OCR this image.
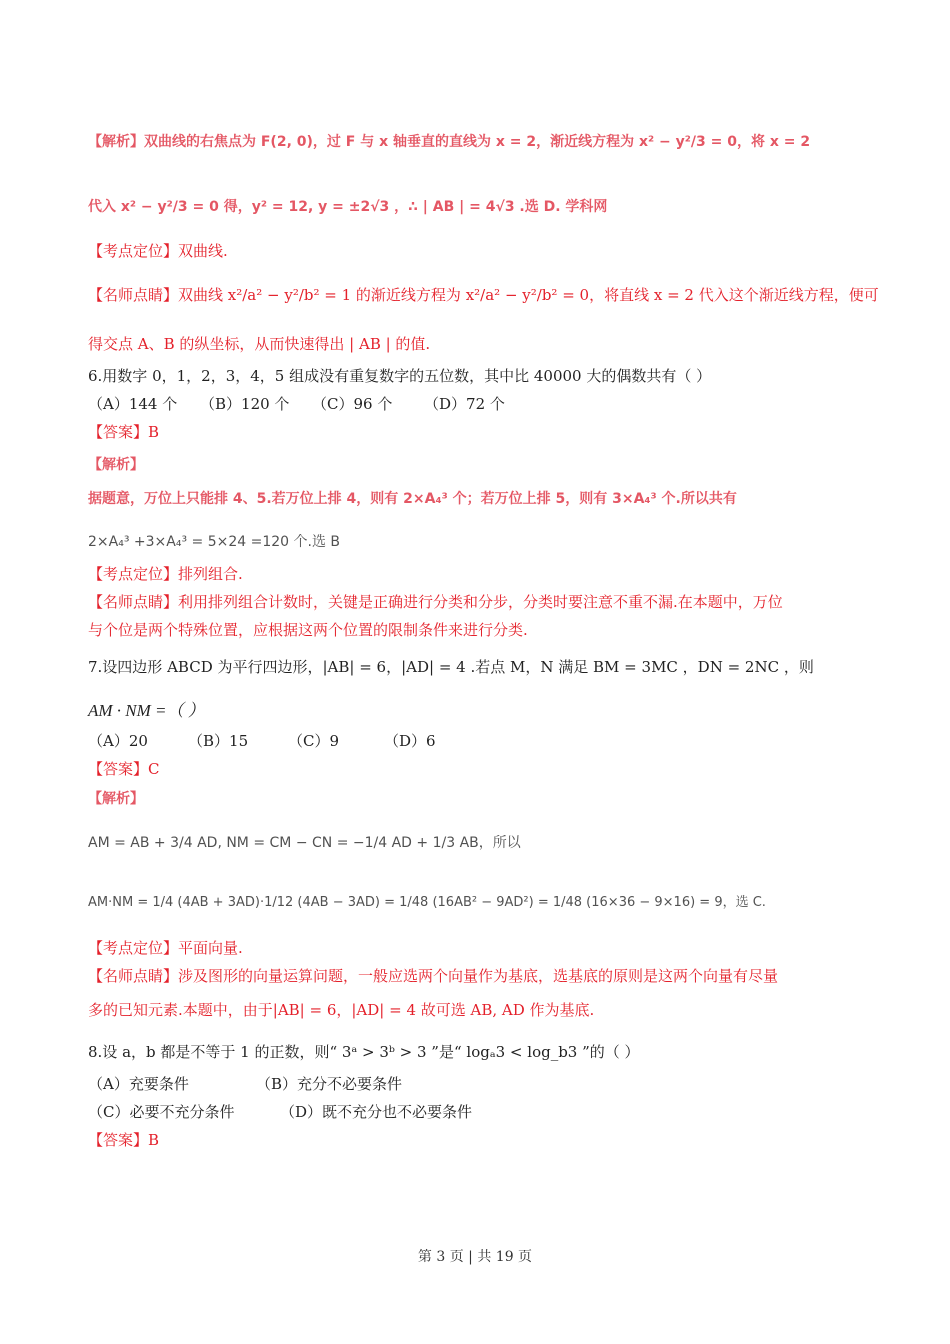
【解析】双曲线的右焦点为 F(2, 0)，过 F 与 x 轴垂直的直线为 x = 2，渐近线方程为 x² − y²/3 = 0，将 x = 2
代入 x² − y²/3 = 0 得，y² = 12, y = ±2√3 ，∴ | AB | = 4√3 .选 D. 学科网
【考点定位】双曲线.
【名师点睛】双曲线 x²/a² − y²/b² = 1 的渐近线方程为 x²/a² − y²/b² = 0，将直线 x = 2 代入这个渐近线方程，便可
得交点 A、B 的纵坐标，从而快速得出 | AB | 的值.
6.用数字 0，1，2，3，4，5 组成没有重复数字的五位数，其中比 40000 大的偶数共有（ ）
（A）144 个 （B）120 个 （C）96 个 （D）72 个
【答案】B
【解析】
据题意，万位上只能排 4、5.若万位上排 4，则有 2×A₄³ 个；若万位上排 5，则有 3×A₄³ 个.所以共有
2×A₄³ +3×A₄³ = 5×24 =120 个.选 B
【考点定位】排列组合.
【名师点睛】利用排列组合计数时，关键是正确进行分类和分步，分类时要注意不重不漏.在本题中，万位
与个位是两个特殊位置，应根据这两个位置的限制条件来进行分类.
7.设四边形 ABCD 为平行四边形，|AB| = 6，|AD| = 4 .若点 M，N 满足 BM = 3MC ，DN = 2NC ，则
AM · NM =（ ）
（A）20	（B）15	（C）9	（D）6
【答案】C
【解析】
AM = AB + 3/4 AD, NM = CM − CN = −1/4 AD + 1/3 AB，所以
AM·NM = 1/4 (4AB + 3AD)·1/12 (4AB − 3AD) = 1/48 (16AB² − 9AD²) = 1/48 (16×36 − 9×16) = 9，选 C.
【考点定位】平面向量.
【名师点睛】涉及图形的向量运算问题，一般应选两个向量作为基底，选基底的原则是这两个向量有尽量
多的已知元素.本题中，由于|AB| = 6，|AD| = 4 故可选 AB, AD 作为基底.
8.设 a，b 都是不等于 1 的正数，则“ 3ᵃ > 3ᵇ > 3 ”是“ logₐ3 < log_b3 ”的（ ）
（A）充要条件	（B）充分不必要条件
（C）必要不充分条件	（D）既不充分也不必要条件
【答案】B
第 3 页 | 共 19 页
